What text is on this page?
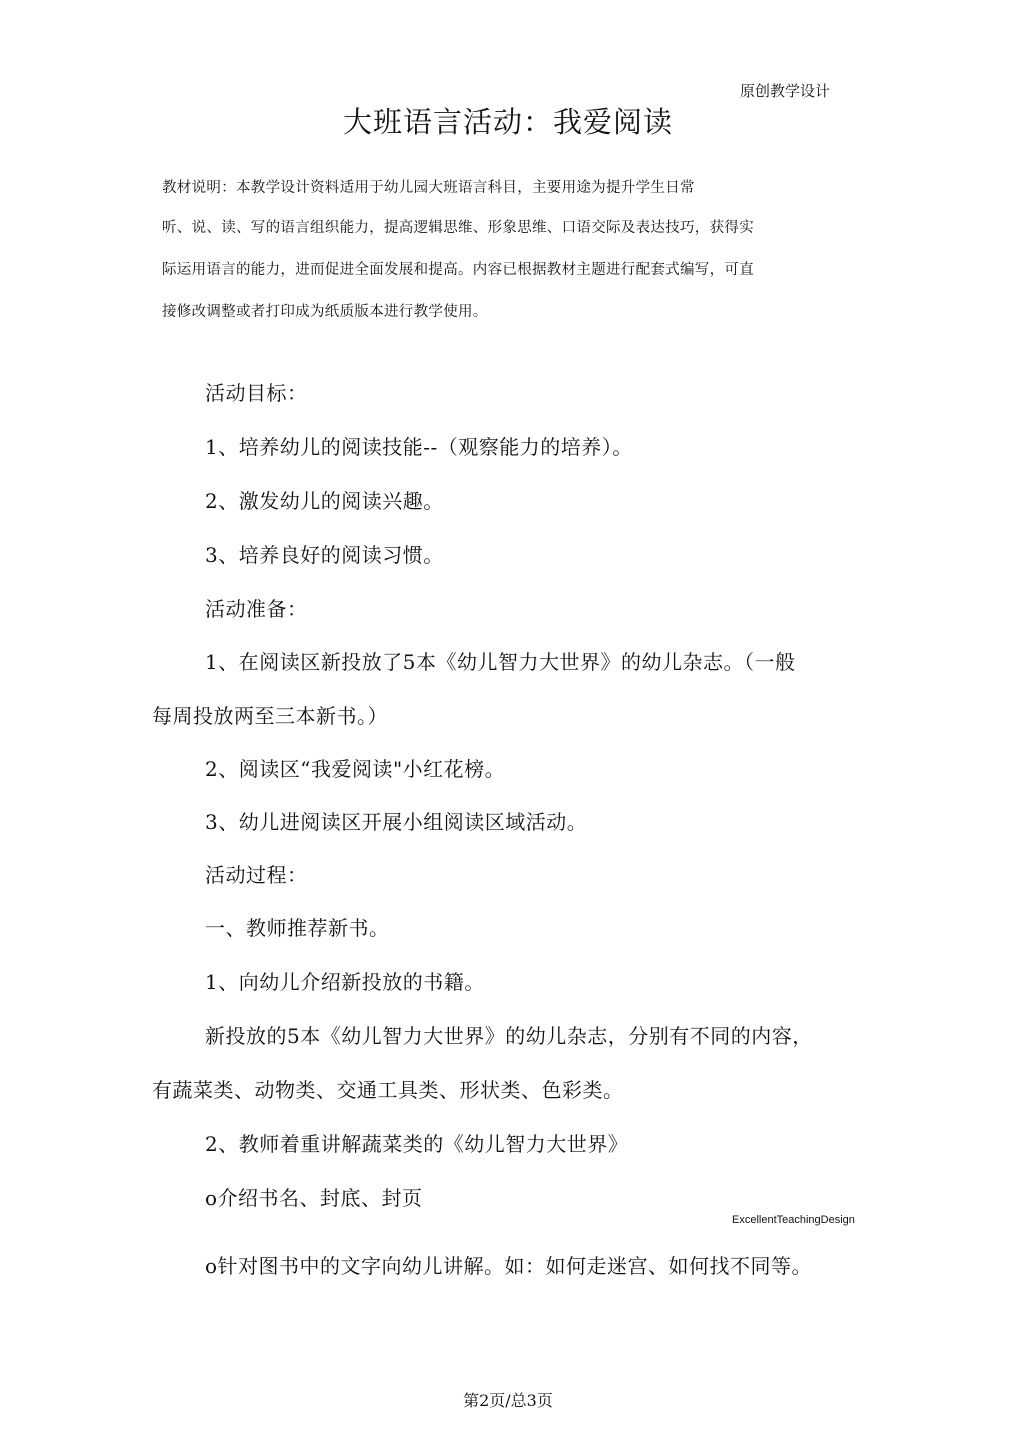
原创教学设计
大班语言活动：我爱阅读
教材说明：本教学设计资料适用于幼儿园大班语言科目，主要用途为提升学生日常
听、说、读、写的语言组织能力，提高逻辑思维、形象思维、口语交际及表达技巧，获得实
际运用语言的能力，进而促进全面发展和提高。内容已根据教材主题进行配套式编写，可直
接修改调整或者打印成为纸质版本进行教学使用。
活动目标：
1、培养幼儿的阅读技能--（观察能力的培养）。
2、激发幼儿的阅读兴趣。
3、培养良好的阅读习惯。
活动准备：
1、在阅读区新投放了5本《幼儿智力大世界》的幼儿杂志。（一般
每周投放两至三本新书。）
2、阅读区“我爱阅读"小红花榜。
3、幼儿进阅读区开展小组阅读区域活动。
活动过程：
一、教师推荐新书。
1、向幼儿介绍新投放的书籍。
新投放的5本《幼儿智力大世界》的幼儿杂志，分别有不同的内容，
有蔬菜类、动物类、交通工具类、形状类、色彩类。
2、教师着重讲解蔬菜类的《幼儿智力大世界》
o介绍书名、封底、封页
o针对图书中的文字向幼儿讲解。如：如何走迷宫、如何找不同等。
ExcellentTeachingDesign
第2页/总3页
